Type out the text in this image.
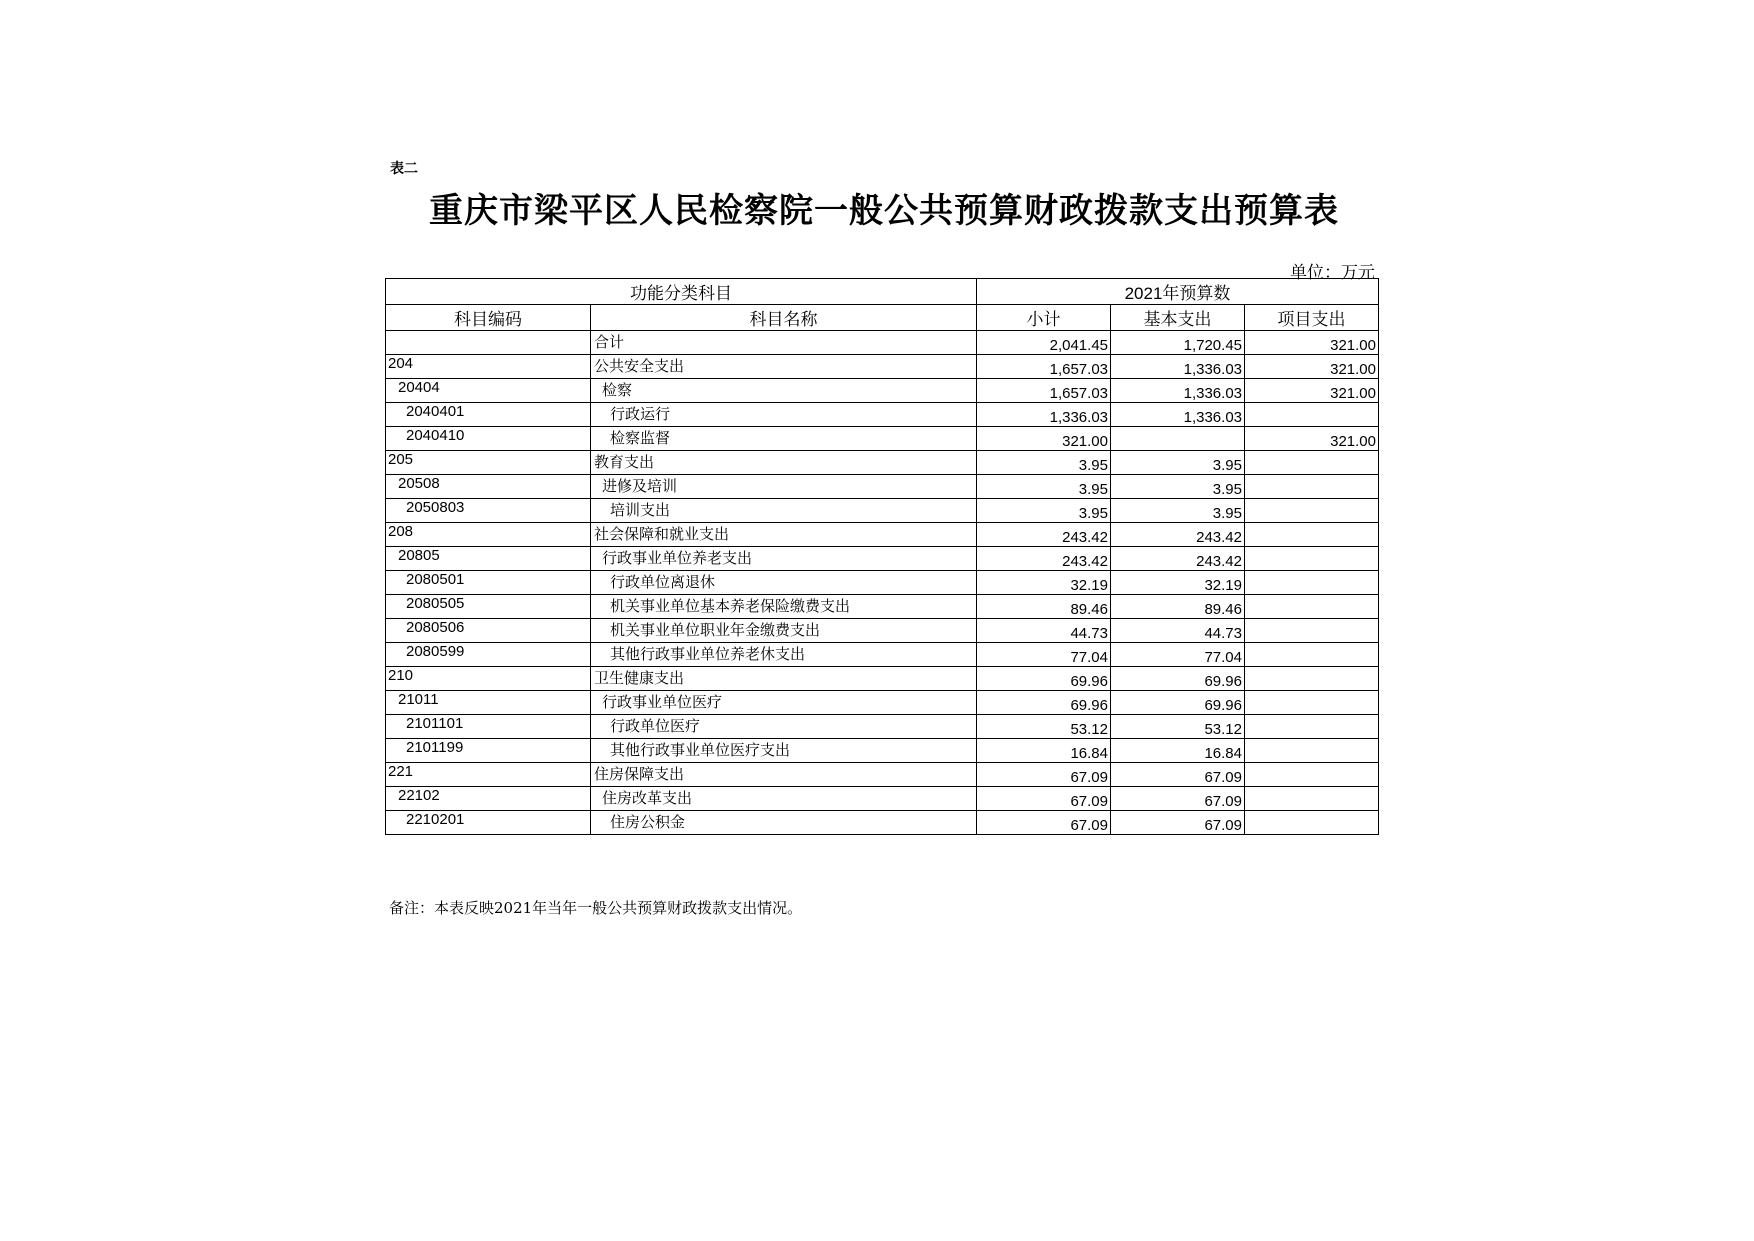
表二
重庆市梁平区人民检察院一般公共预算财政拨款支出预算表
单位：万元
功能分类科目		2021年预算数		
科目编码	科目名称	小计	基本支出	项目支出
	合计	2,041.45	1,720.45	321.00
204	公共安全支出	1,657.03	1,336.03	321.00
20404	检察	1,657.03	1,336.03	321.00
2040401	行政运行	1,336.03	1,336.03	
2040410	检察监督	321.00		321.00
205	教育支出	3.95	3.95	
20508	进修及培训	3.95	3.95	
2050803	培训支出	3.95	3.95	
208	社会保障和就业支出	243.42	243.42	
20805	行政事业单位养老支出	243.42	243.42	
2080501	行政单位离退休	32.19	32.19	
2080505	机关事业单位基本养老保险缴费支出	89.46	89.46	
2080506	机关事业单位职业年金缴费支出	44.73	44.73	
2080599	其他行政事业单位养老休支出	77.04	77.04	
210	卫生健康支出	69.96	69.96	
21011	行政事业单位医疗	69.96	69.96	
2101101	行政单位医疗	53.12	53.12	
2101199	其他行政事业单位医疗支出	16.84	16.84	
221	住房保障支出	67.09	67.09	
22102	住房改革支出	67.09	67.09	
2210201	住房公积金	67.09	67.09	
备注：本表反映2021年当年一般公共预算财政拨款支出情况。
